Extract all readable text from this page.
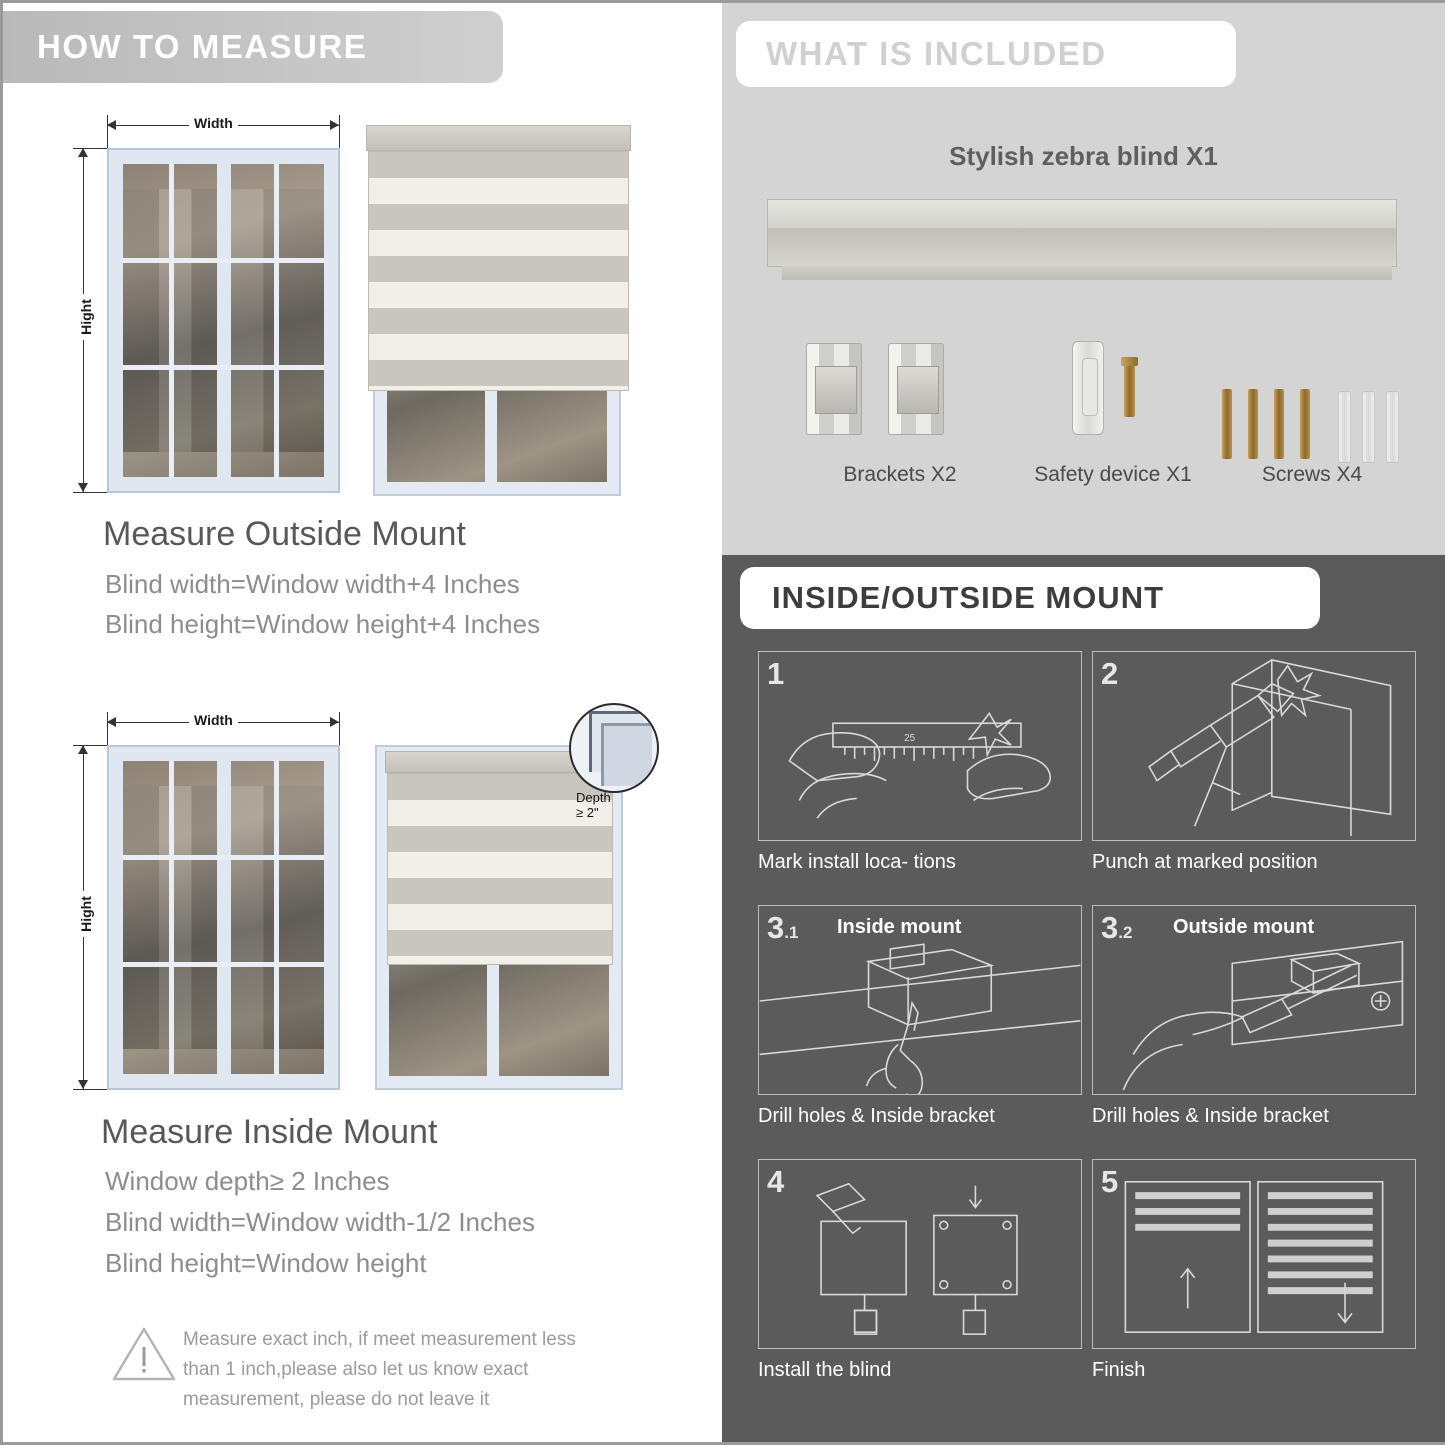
HOW TO MEASURE
Width
Hight
Measure Outside Mount
Blind width=Window width+4 Inches
Blind height=Window height+4 Inches
Width
Hight
Depth ≥ 2"
Measure Inside Mount
Window depth≥ 2 Inches
Blind width=Window width-1/2 Inches
Blind height=Window height
Measure exact inch, if meet measurement less
than 1 inch,please also let us know exact
measurement, please do not leave it
WHAT IS INCLUDED
Stylish zebra blind X1
Brackets X2	Safety device X1	Screws X4
INSIDE/OUTSIDE MOUNT
1
25
Mark install loca- tions
2
Punch at marked position
3.1 Inside mount
Drill holes & Inside bracket
3.2 Outside mount
Drill holes & Inside bracket
4
Install the blind
5
Finish
